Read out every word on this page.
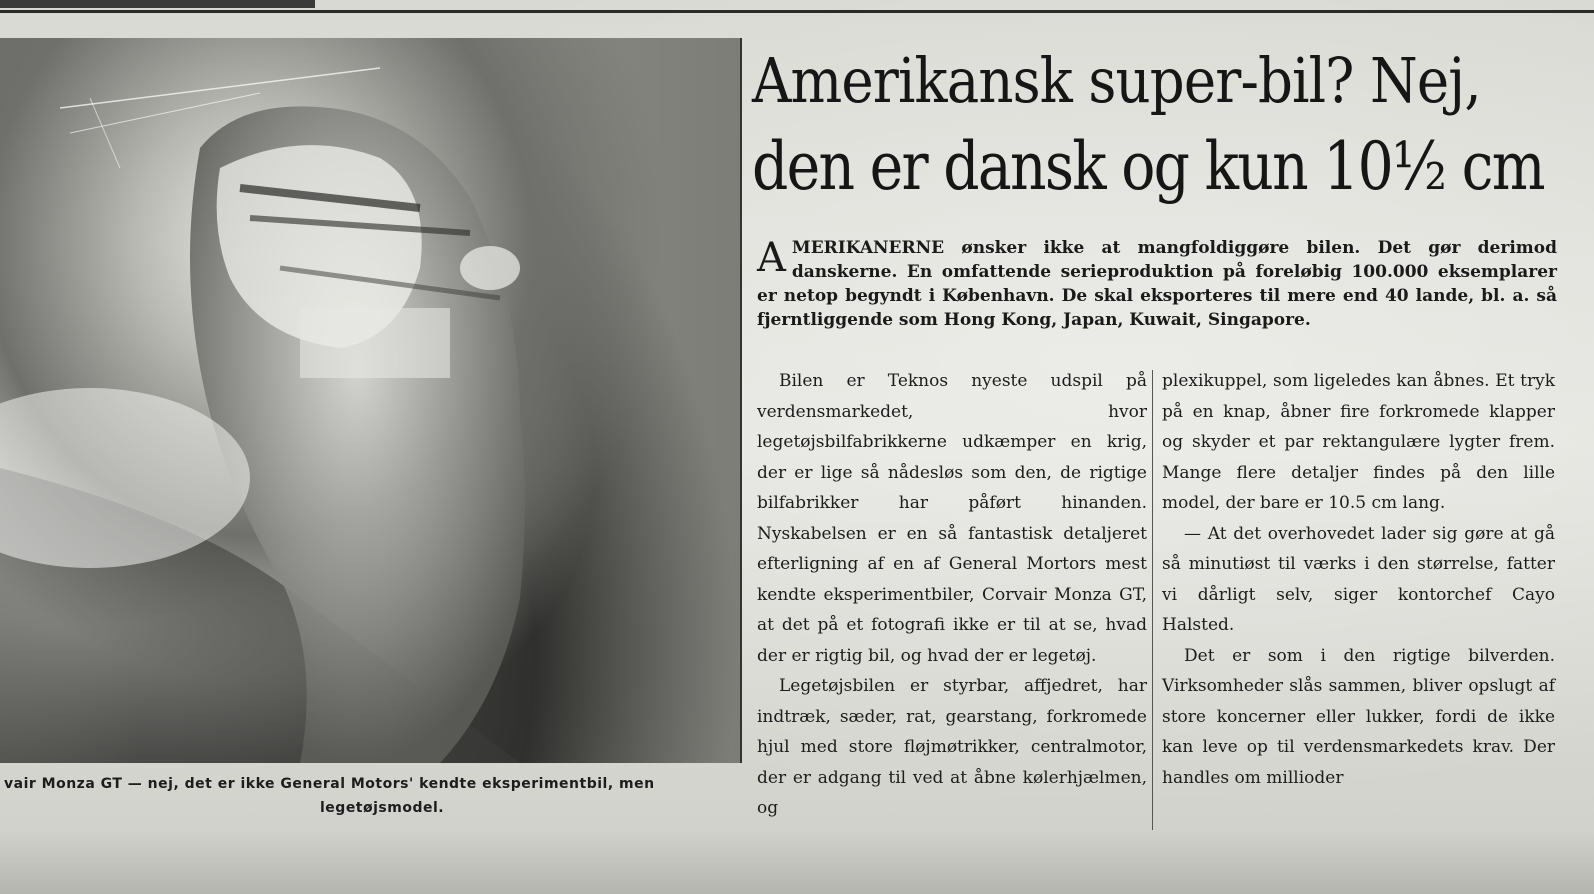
vair Monza GT — nej, det er ikke General Motors' kendte eksperimentbil, men
legetøjsmodel.
Amerikansk super-bil? Nej,
den er dansk og kun 10½ cm
A MERIKANERNE ønsker ikke at mangfoldiggøre bilen. Det gør derimod danskerne. En omfattende serieproduktion på foreløbig 100.000 eksemplarer er netop begyndt i København. De skal eksporteres til mere end 40 lande, bl. a. så fjerntliggende som Hong Kong, Japan, Kuwait, Singapore.

Bilen er Teknos nyeste udspil på verdensmarkedet, hvor legetøjsbilfabrikkerne udkæmper en krig, der er lige så nådesløs som den, de rigtige bilfabrikker har påført hinanden. Nyskabelsen er en så fantastisk detaljeret efterligning af en af General Mortors mest kendte eksperimentbiler, Corvair Monza GT, at det på et fotografi ikke er til at se, hvad der er rigtig bil, og hvad der er legetøj.

Legetøjsbilen er styrbar, affjedret, har indtræk, sæder, rat, gearstang, forkromede hjul med store fløjmøtrikker, centralmotor, der er adgang til ved at åbne kølerhjælmen, og

plexikuppel, som ligeledes kan åbnes. Et tryk på en knap, åbner fire forkromede klapper og skyder et par rektangulære lygter frem. Mange flere detaljer findes på den lille model, der bare er 10.5 cm lang.

— At det overhovedet lader sig gøre at gå så minutiøst til værks i den størrelse, fatter vi dårligt selv, siger kontorchef Cayo Halsted.

Det er som i den rigtige bilverden. Virksomheder slås sammen, bliver opslugt af store koncerner eller lukker, fordi de ikke kan leve op til verdensmarkedets krav. Der handles om millioder
